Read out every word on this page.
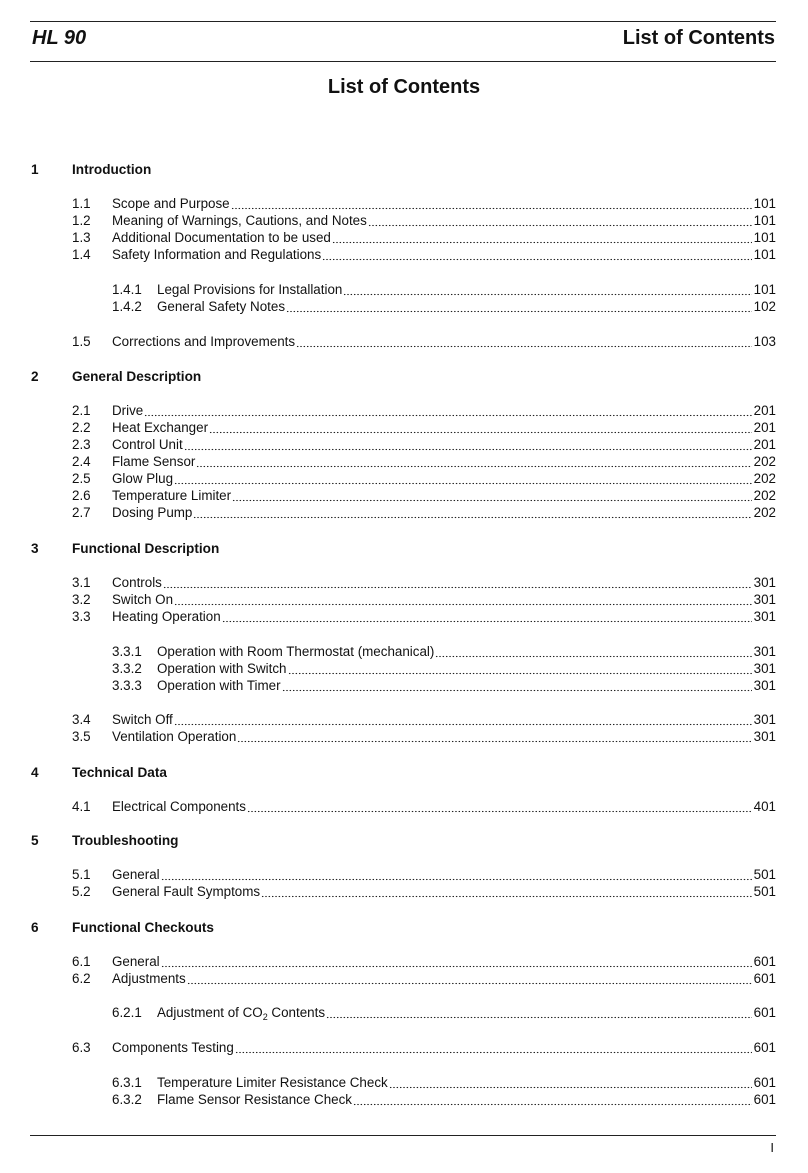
HL 90	List of Contents
List of Contents
1 Introduction
1.1 Scope and Purpose	101
1.2 Meaning of Warnings, Cautions, and Notes	101
1.3 Additional Documentation to be used	101
1.4 Safety Information and Regulations	101
1.4.1 Legal Provisions for Installation	101
1.4.2 General Safety Notes	102
1.5 Corrections and Improvements	103
2 General Description
2.1 Drive	201
2.2 Heat Exchanger	201
2.3 Control Unit	201
2.4 Flame Sensor	202
2.5 Glow Plug	202
2.6 Temperature Limiter	202
2.7 Dosing Pump	202
3 Functional Description
3.1 Controls	301
3.2 Switch On	301
3.3 Heating Operation	301
3.3.1 Operation with Room Thermostat (mechanical)	301
3.3.2 Operation with Switch	301
3.3.3 Operation with Timer	301
3.4 Switch Off	301
3.5 Ventilation Operation	301
4 Technical Data
4.1 Electrical Components	401
5 Troubleshooting
5.1 General	501
5.2 General Fault Symptoms	501
6 Functional Checkouts
6.1 General	601
6.2 Adjustments	601
6.2.1 Adjustment of $CO_2$ Contents	601
6.3 Components Testing	601
6.3.1 Temperature Limiter Resistance Check	601
6.3.2 Flame Sensor Resistance Check	601
I
